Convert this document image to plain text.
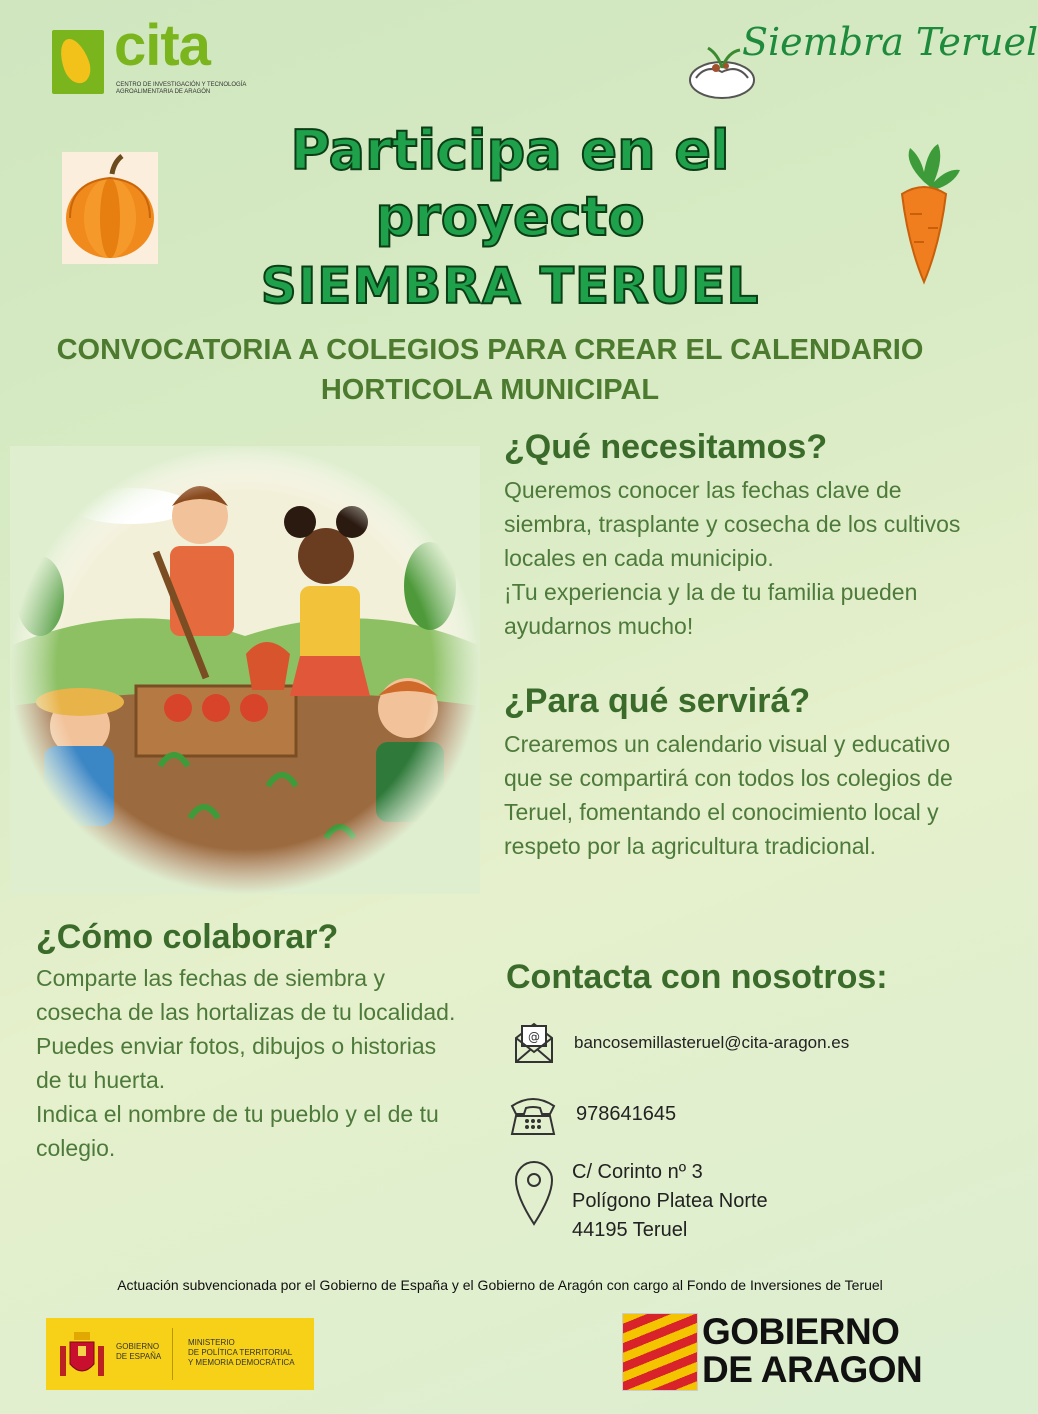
cita
CENTRO DE INVESTIGACIÓN Y TECNOLOGÍA AGROALIMENTARIA DE ARAGÓN
Siembra Teruel
Participa en el
proyecto
SIEMBRA TERUEL
CONVOCATORIA A COLEGIOS PARA CREAR EL CALENDARIO HORTICOLA MUNICIPAL
¿Qué necesitamos?

Queremos conocer las fechas clave de siembra, trasplante y cosecha de los cultivos locales en cada municipio.

¡Tu experiencia y la de tu familia pueden ayudarnos mucho!

¿Para qué servirá?

Crearemos un calendario visual y educativo que se compartirá con todos los colegios de Teruel, fomentando el conocimiento local y respeto por la agricultura tradicional.

¿Cómo colaborar?

Comparte las fechas de siembra y cosecha de las hortalizas de tu localidad.

Puedes enviar fotos, dibujos o historias de tu huerta.

Indica el nombre de tu pueblo y el de tu colegio.

Contacta con nosotros:
@ bancosemillasteruel@cita-aragon.es
978641645
C/ Corinto nº 3
Polígono Platea Norte
44195 Teruel
Actuación subvencionada por el Gobierno de España y el Gobierno de Aragón con cargo al Fondo de Inversiones de Teruel
GOBIERNO
DE ESPAÑA
MINISTERIO
DE POLÍTICA TERRITORIAL
Y MEMORIA DEMOCRÁTICA
GOBIERNO
DE ARAGON
